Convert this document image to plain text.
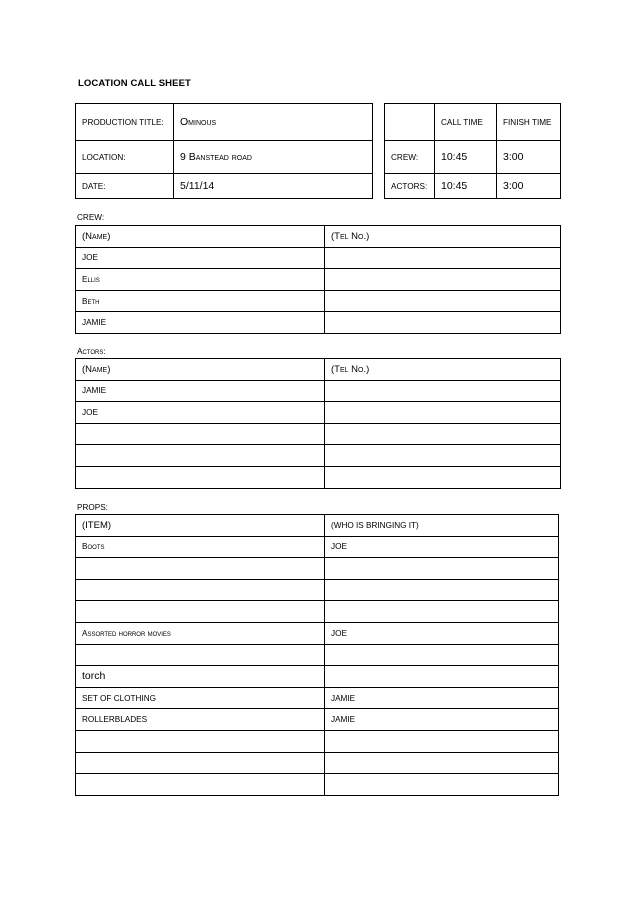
LOCATION CALL SHEET
PRODUCTION TITLE:	Ominous
LOCATION:	9 Banstead road
DATE:	5/11/14
	CALL TIME	FINISH TIME
CREW:	10:45	3:00
ACTORS:	10:45	3:00
CREW:
(Name)	(Tel No.)
JOE	
Ellis	
Beth	
JAMIE	
Actors:
(Name)	(Tel No.)
JAMIE	
JOE	

PROPS:
(ITEM)	(WHO IS BRINGING IT)
Boots	JOE

Assorted horror movies	JOE

torch	
SET OF CLOTHING	JAMIE
ROLLERBLADES	JAMIE
